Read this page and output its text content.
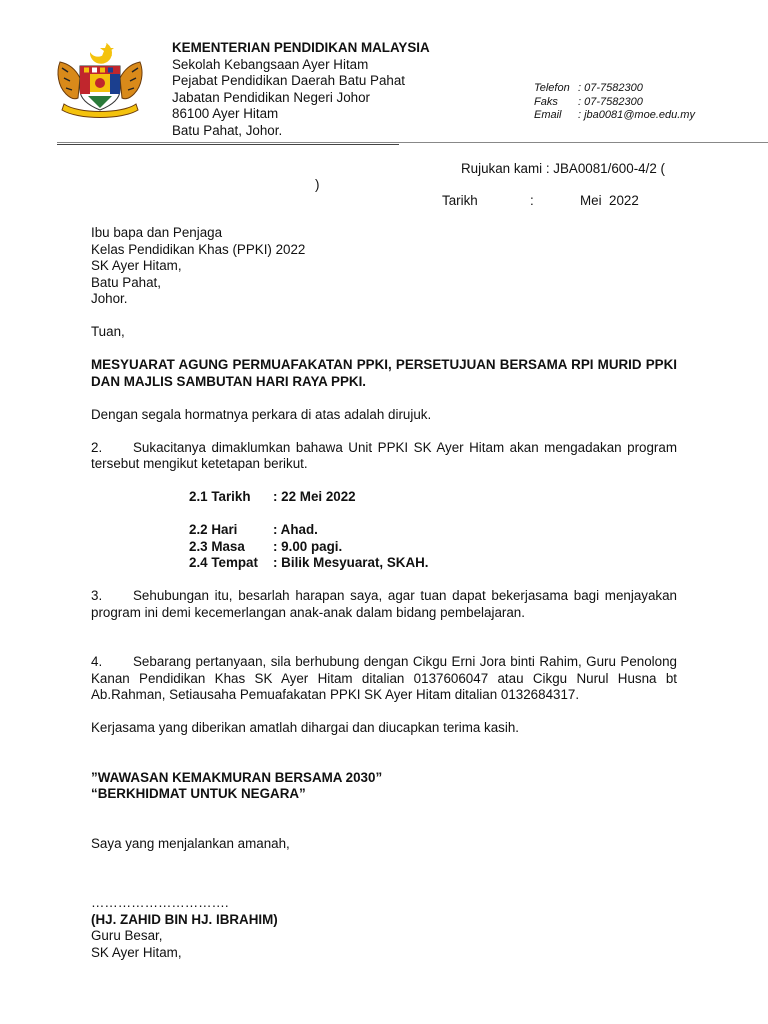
KEMENTERIAN PENDIDIKAN MALAYSIA
Sekolah Kebangsaan Ayer Hitam
Pejabat Pendidikan Daerah Batu Pahat
Jabatan Pendidikan Negeri Johor
86100 Ayer Hitam
Batu Pahat, Johor.
Telefon : 07-7582300
Faks	: 07-7582300
Email	: jba0081@moe.edu.my
Rujukan kami : JBA0081/600-4/2 (
)
Tarikh	:	Mei  2022
Ibu bapa dan Penjaga
Kelas Pendidikan Khas (PPKI) 2022
SK Ayer Hitam,
Batu Pahat,
Johor.
Tuan,
MESYUARAT AGUNG PERMUAFAKATAN PPKI, PERSETUJUAN BERSAMA RPI MURID PPKI DAN MAJLIS SAMBUTAN HARI RAYA PPKI.
Dengan segala hormatnya perkara di atas adalah dirujuk.
2. Sukacitanya dimaklumkan bahawa Unit PPKI SK Ayer Hitam akan mengadakan program tersebut mengikut ketetapan berikut.
2.1 Tarikh	: 22 Mei 2022
2.2 Hari	: Ahad.
2.3 Masa	: 9.00 pagi.
2.4 Tempat	: Bilik Mesyuarat, SKAH.
3. Sehubungan itu, besarlah harapan saya, agar tuan dapat bekerjasama bagi menjayakan program ini demi kecemerlangan anak-anak dalam bidang pembelajaran.
4. Sebarang pertanyaan, sila berhubung dengan Cikgu Erni Jora binti Rahim, Guru Penolong Kanan Pendidikan Khas SK Ayer Hitam ditalian 0137606047 atau Cikgu Nurul Husna bt Ab.Rahman, Setiausaha Pemuafakatan PPKI SK Ayer Hitam ditalian 0132684317.
Kerjasama yang diberikan amatlah dihargai dan diucapkan terima kasih.
”WAWASAN KEMAKMURAN BERSAMA 2030”
“BERKHIDMAT UNTUK NEGARA”
Saya yang menjalankan amanah,
………………………….
(HJ. ZAHID BIN HJ. IBRAHIM)
Guru Besar,
SK Ayer Hitam,
